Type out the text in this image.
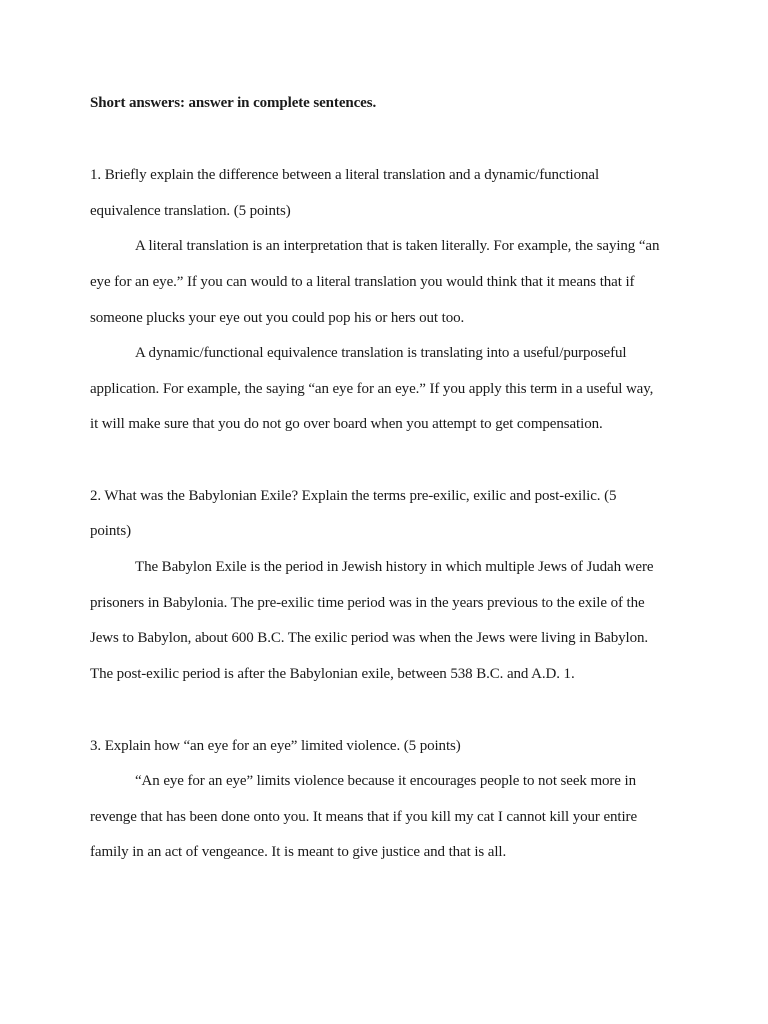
Short answers: answer in complete sentences.
1. Briefly explain the difference between a literal translation and a dynamic/functional
equivalence translation. (5 points)
A literal translation is an interpretation that is taken literally. For example, the saying “an
eye for an eye.” If you can would to a literal translation you would think that it means that if
someone plucks your eye out you could pop his or hers out too.
A dynamic/functional equivalence translation is translating into a useful/purposeful
application. For example, the saying “an eye for an eye.” If you apply this term in a useful way,
it will make sure that you do not go over board when you attempt to get compensation.
2. What was the Babylonian Exile? Explain the terms pre-exilic, exilic and post-exilic. (5
points)
The Babylon Exile is the period in Jewish history in which multiple Jews of Judah were
prisoners in Babylonia. The pre-exilic time period was in the years previous to the exile of the
Jews to Babylon, about 600 B.C. The exilic period was when the Jews were living in Babylon.
The post-exilic period is after the Babylonian exile, between 538 B.C. and A.D. 1.
3. Explain how “an eye for an eye” limited violence. (5 points)
“An eye for an eye” limits violence because it encourages people to not seek more in
revenge that has been done onto you. It means that if you kill my cat I cannot kill your entire
family in an act of vengeance. It is meant to give justice and that is all.
